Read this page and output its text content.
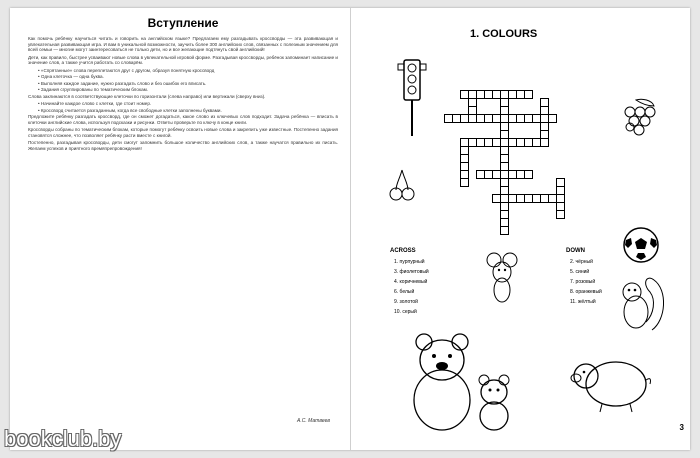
Вступление

Как помочь ребёнку научиться читать и говорить на английском языке? Предлагаем ему разгадывать кроссворды — эта развивающая и увлекательная развивающая игра. И вам в уникальной возможности, заучить более 300 английских слов, связанных с полезным значением для всей семьи — многие могут заинтересоваться не только дети, но и все желающие подтянуть свой английский!

Дети, как правило, быстрее усваивают новые слова в увлекательной игровой форме. Разгадывая кроссворды, ребёнок запоминает написание и значение слов, а также учится работать со словарём.

• «Спрятанные» слова переплетаются друг с другом, образуя понятную кроссворд

• Одна клеточка — одна буква.

• Выполняя каждое задание, нужно разгадать слово и без ошибок его вписать.

• Задания сгруппированы по тематическим блокам.

Слова заклинаются в соответствующие клеточки по горизонтали (слева направо) или вертикали (сверху вниз).

• Начинайте каждое слово с клетки, где стоит номер.

• Кроссворд считается разгаданным, когда все свободные клетки заполнены буквами.

Предложите ребёнку разгадать кроссворд, где он сможет догадаться, какое слово из ключевых слов подходит. Задача ребёнка — вписать в клеточки английские слова, используя подсказки и рисунки. Ответы проверьте по ключу в конце книги.

Кроссворды собраны по тематическим блокам, которые помогут ребёнку освоить новые слова и закрепить уже известные. Постепенно задания становятся сложнее, что позволяет ребёнку расти вместе с книгой.

Постепенно, разгадывая кроссворды, дети смогут запомнить большое количество английских слов, а также научатся правильно их писать. Желаем успехов и приятного времяпрепровождения!

А.С. Матвеев
1. COLOURS
ACROSS
1. пурпурный
3. фиолетовый
4. коричневый
6. белый
9. золотой
10. серый
DOWN
2. чёрный
5. синий
7. розовый
8. оранжевый
11. жёлтый
3
bookclub.by
